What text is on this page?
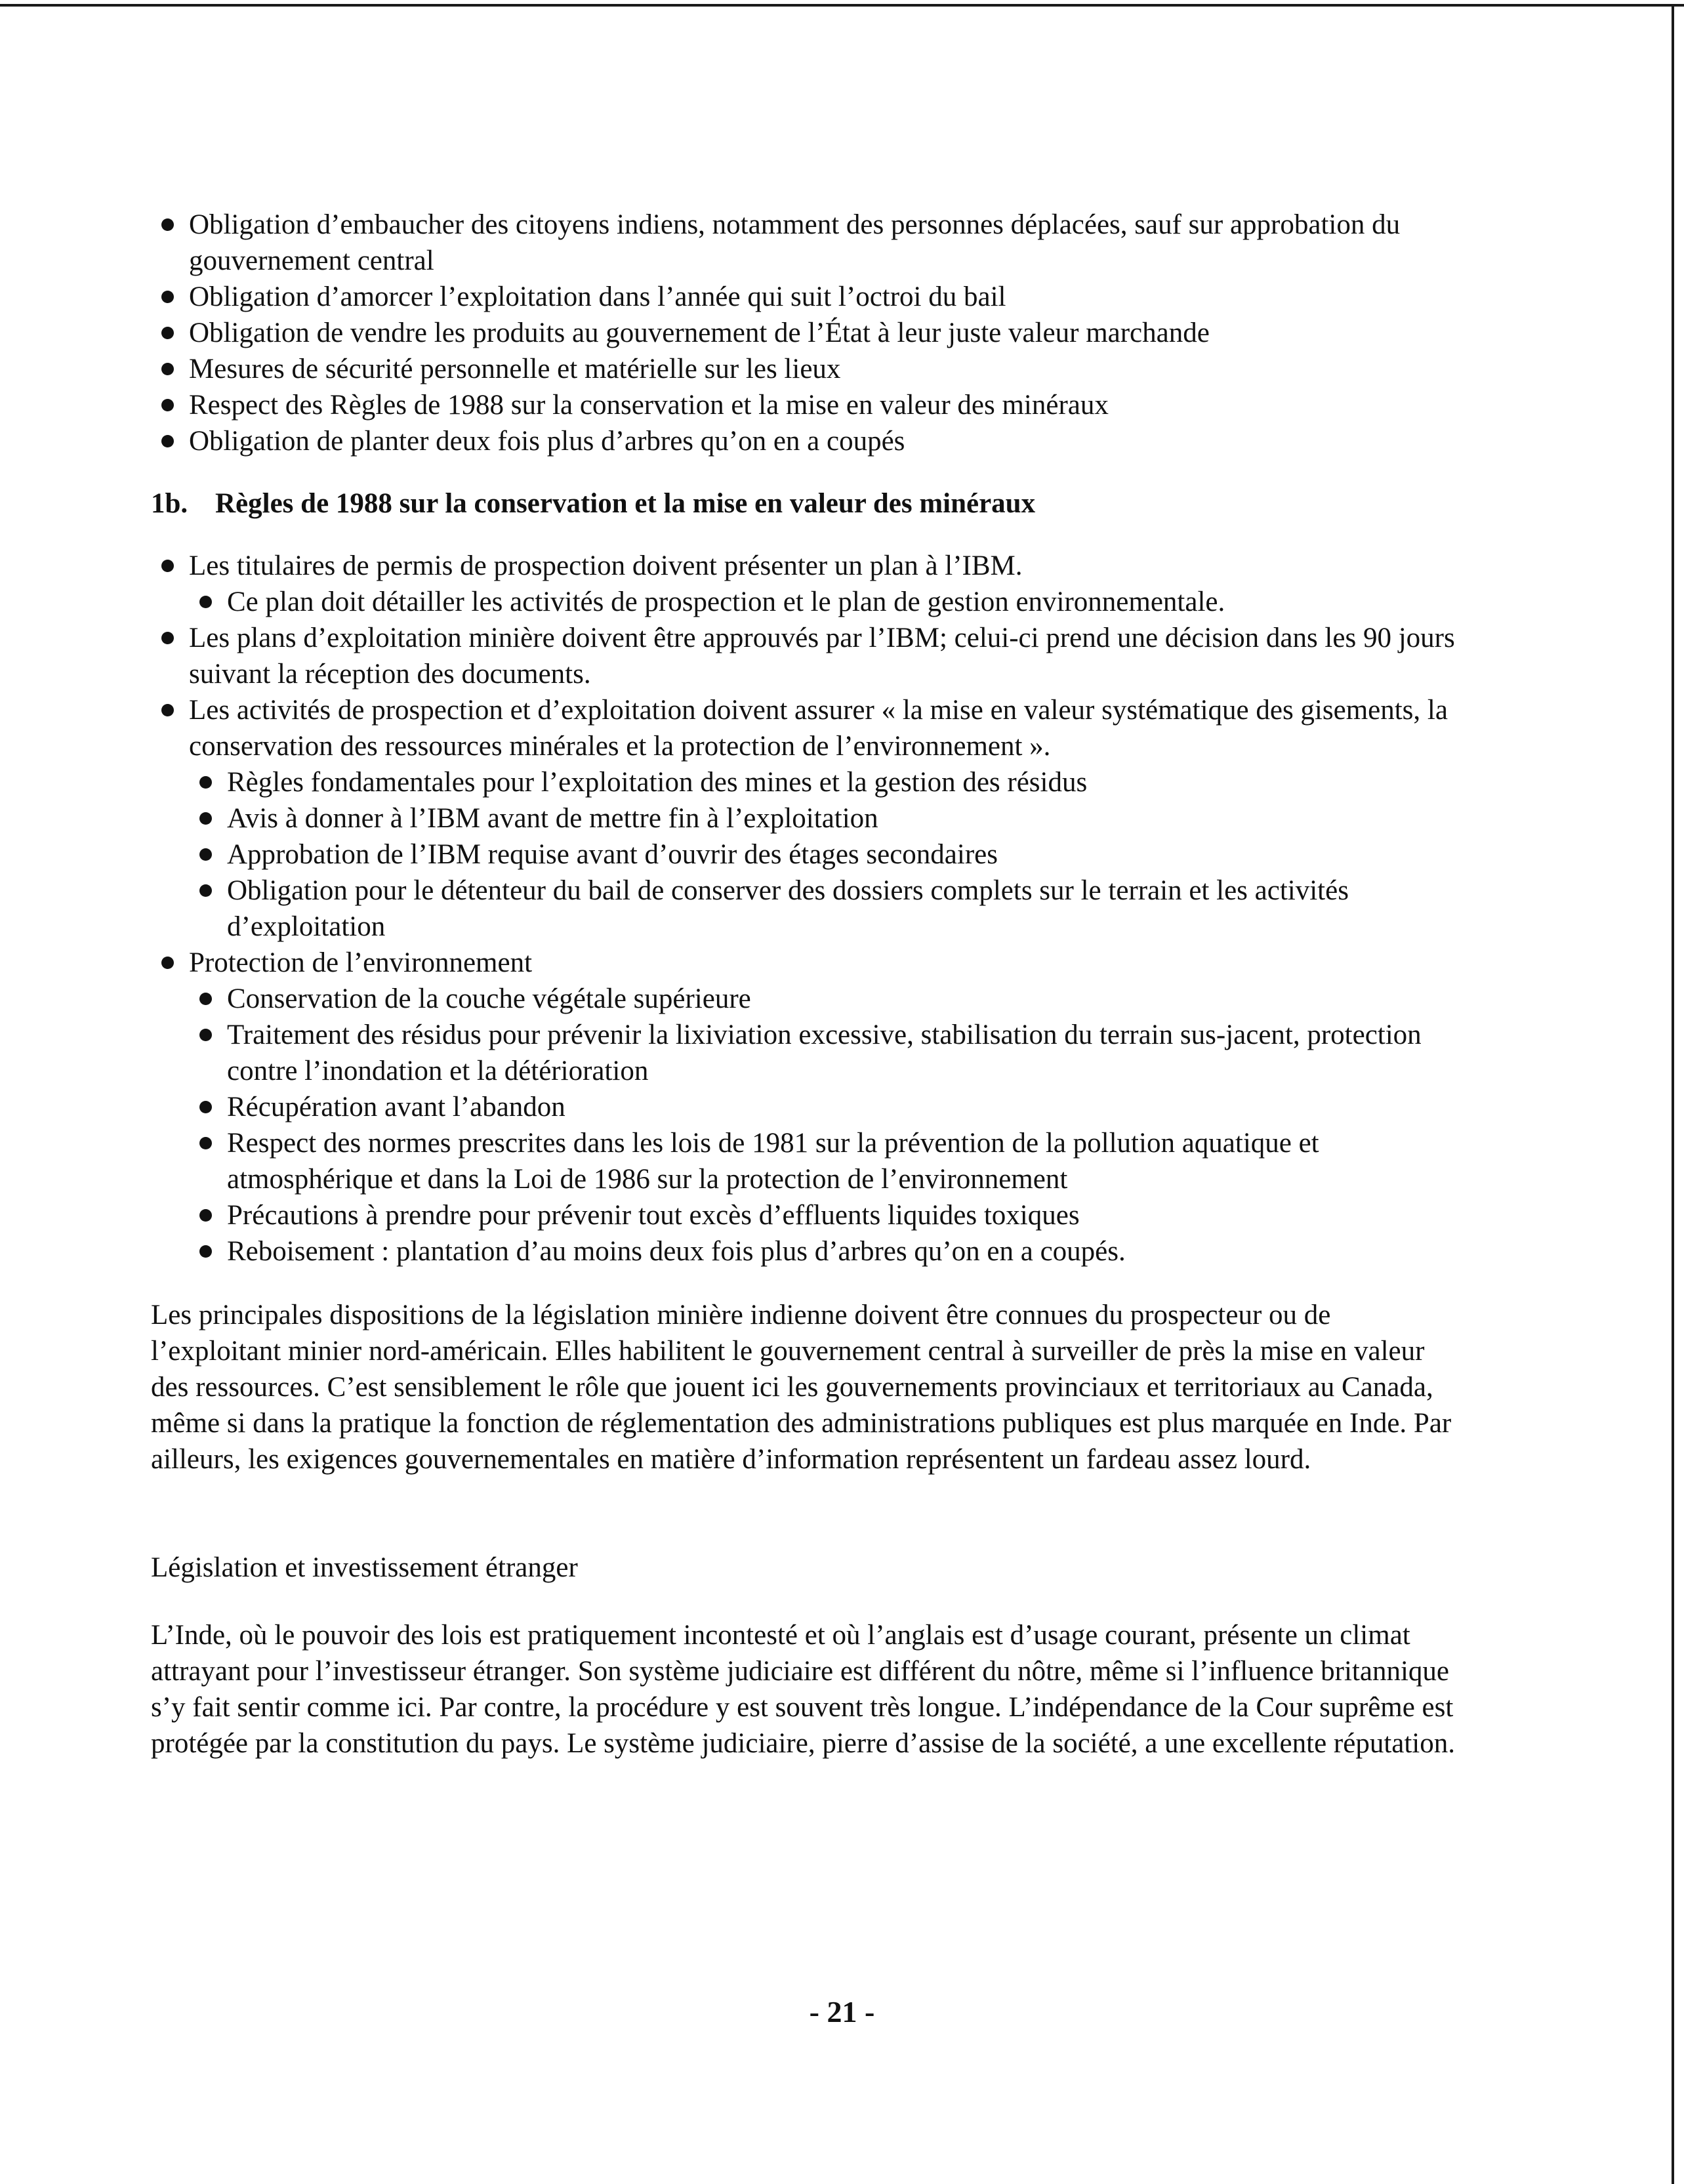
Obligation d’embaucher des citoyens indiens, notamment des personnes déplacées, sauf sur approbation du gouvernement central
Obligation d’amorcer l’exploitation dans l’année qui suit l’octroi du bail
Obligation de vendre les produits au gouvernement de l’État à leur juste valeur marchande
Mesures de sécurité personnelle et matérielle sur les lieux
Respect des Règles de 1988 sur la conservation et la mise en valeur des minéraux
Obligation de planter deux fois plus d’arbres qu’on en a coupés
1b. Règles de 1988 sur la conservation et la mise en valeur des minéraux
Les titulaires de permis de prospection doivent présenter un plan à l’IBM.
Ce plan doit détailler les activités de prospection et le plan de gestion environnementale.
Les plans d’exploitation minière doivent être approuvés par l’IBM; celui-ci prend une décision dans les 90 jours suivant la réception des documents.
Les activités de prospection et d’exploitation doivent assurer « la mise en valeur systématique des gisements, la conservation des ressources minérales et la protection de l’environnement ».
Règles fondamentales pour l’exploitation des mines et la gestion des résidus
Avis à donner à l’IBM avant de mettre fin à l’exploitation
Approbation de l’IBM requise avant d’ouvrir des étages secondaires
Obligation pour le détenteur du bail de conserver des dossiers complets sur le terrain et les activités d’exploitation
Protection de l’environnement
Conservation de la couche végétale supérieure
Traitement des résidus pour prévenir la lixiviation excessive, stabilisation du terrain sus-jacent, protection contre l’inondation et la détérioration
Récupération avant l’abandon
Respect des normes prescrites dans les lois de 1981 sur la prévention de la pollution aquatique et atmosphérique et dans la Loi de 1986 sur la protection de l’environnement
Précautions à prendre pour prévenir tout excès d’effluents liquides toxiques
Reboisement : plantation d’au moins deux fois plus d’arbres qu’on en a coupés.

Les principales dispositions de la législation minière indienne doivent être connues du prospecteur ou de l’exploitant minier nord-américain. Elles habilitent le gouvernement central à surveiller de près la mise en valeur des ressources. C’est sensiblement le rôle que jouent ici les gouvernements provinciaux et territoriaux au Canada, même si dans la pratique la fonction de réglementation des administrations publiques est plus marquée en Inde. Par ailleurs, les exigences gouvernementales en matière d’information représentent un fardeau assez lourd.

Législation et investissement étranger

L’Inde, où le pouvoir des lois est pratiquement incontesté et où l’anglais est d’usage courant, présente un climat attrayant pour l’investisseur étranger. Son système judiciaire est différent du nôtre, même si l’influence britannique s’y fait sentir comme ici. Par contre, la procédure y est souvent très longue. L’indépendance de la Cour suprême est protégée par la constitution du pays. Le système judiciaire, pierre d’assise de la société, a une excellente réputation.

- 21 -
